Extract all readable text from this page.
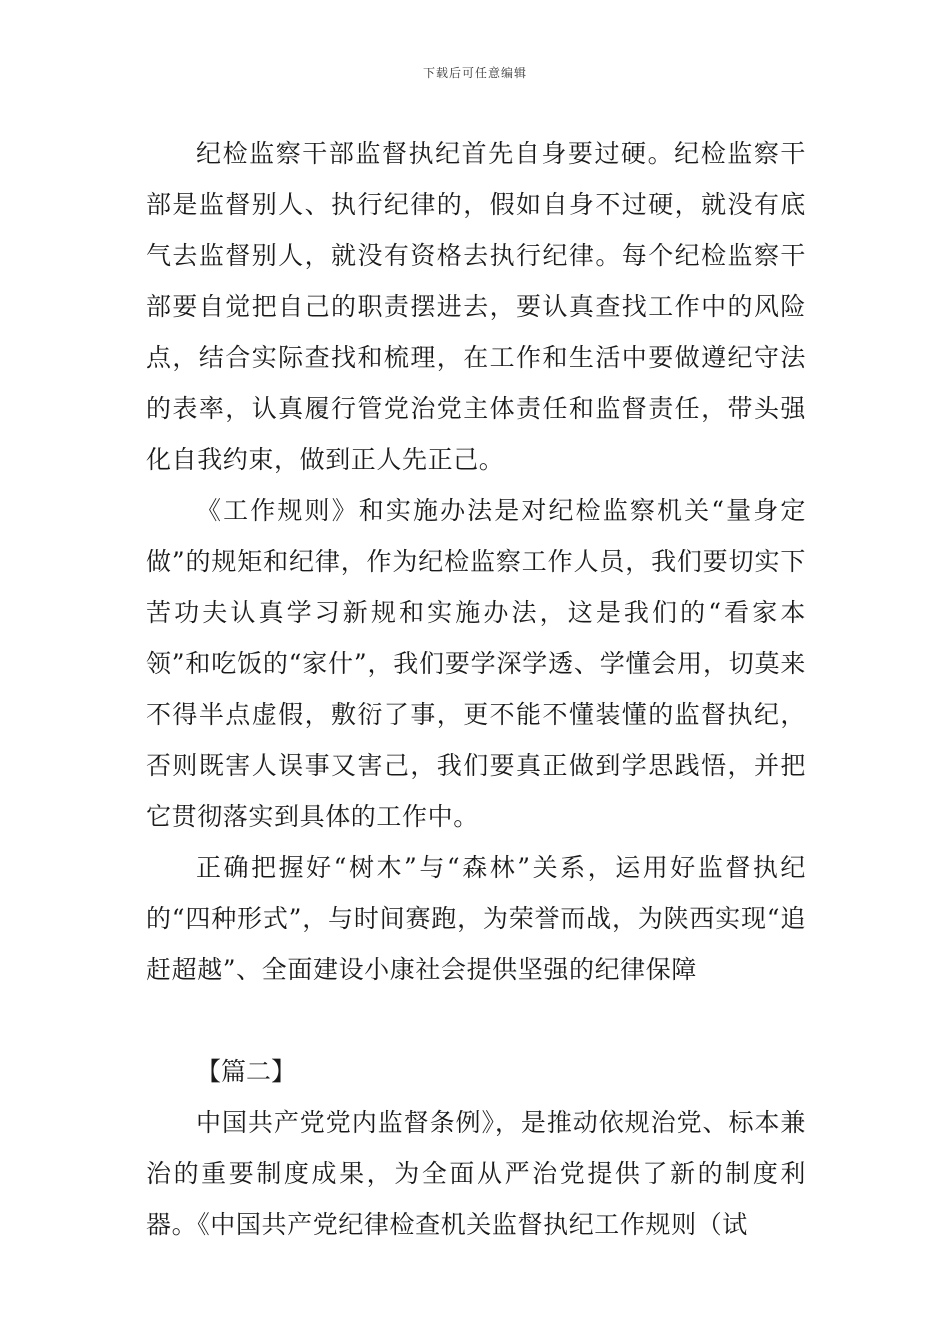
下载后可任意编辑

纪检监察干部监督执纪首先自身要过硬。纪检监察干部是监督别人、执行纪律的，假如自身不过硬，就没有底气去监督别人，就没有资格去执行纪律。每个纪检监察干部要自觉把自己的职责摆进去，要认真查找工作中的风险点，结合实际查找和梳理，在工作和生活中要做遵纪守法的表率，认真履行管党治党主体责任和监督责任，带头强化自我约束，做到正人先正己。

《工作规则》和实施办法是对纪检监察机关“量身定做”的规矩和纪律，作为纪检监察工作人员，我们要切实下苦功夫认真学习新规和实施办法，这是我们的“看家本领”和吃饭的“家什”，我们要学深学透、学懂会用，切莫来不得半点虚假，敷衍了事，更不能不懂装懂的监督执纪，否则既害人误事又害己，我们要真正做到学思践悟，并把它贯彻落实到具体的工作中。

正确把握好“树木”与“森林”关系，运用好监督执纪的“四种形式”，与时间赛跑，为荣誉而战，为陕西实现“追赶超越”、全面建设小康社会提供坚强的纪律保障

【篇二】

中国共产党党内监督条例》，是推动依规治党、标本兼治的重要制度成果，为全面从严治党提供了新的制度利器。《中国共产党纪律检查机关监督执纪工作规则（试
